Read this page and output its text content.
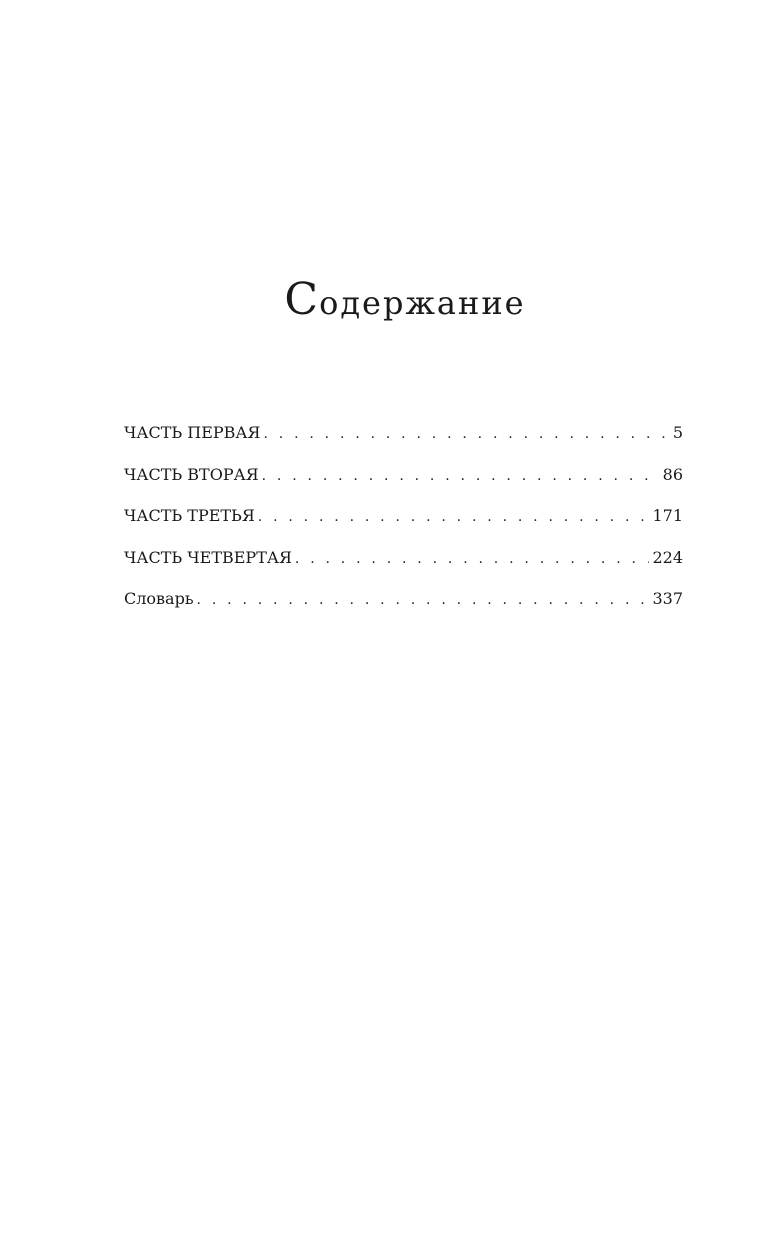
Содержание
ЧАСТЬ ПЕРВАЯ . . .	5
ЧАСТЬ ВТОРАЯ . . .	86
ЧАСТЬ ТРЕТЬЯ . . .	171
ЧАСТЬ ЧЕТВЕРТАЯ . . .	224
Словарь . . .	337
